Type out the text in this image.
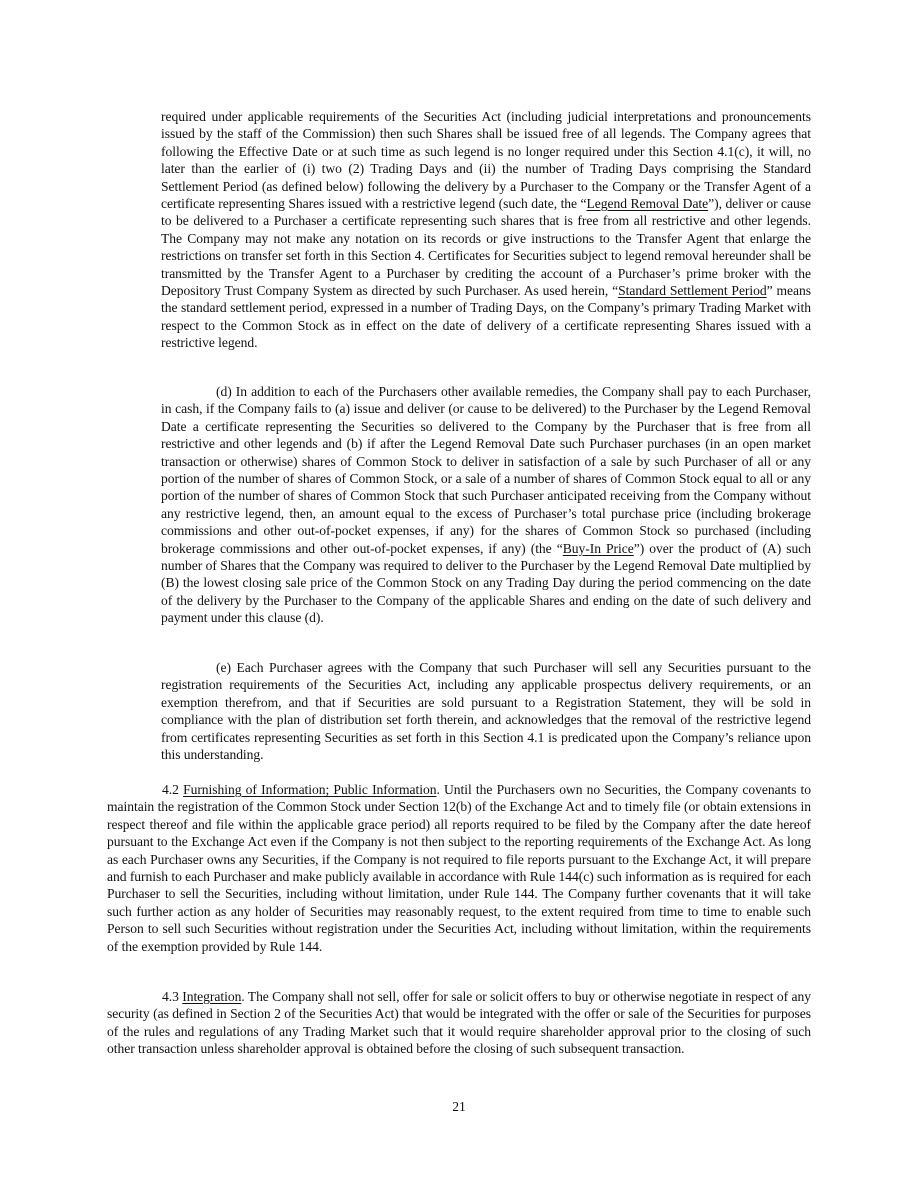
required under applicable requirements of the Securities Act (including judicial interpretations and pronouncements issued by the staff of the Commission) then such Shares shall be issued free of all legends. The Company agrees that following the Effective Date or at such time as such legend is no longer required under this Section 4.1(c), it will, no later than the earlier of (i) two (2) Trading Days and (ii) the number of Trading Days comprising the Standard Settlement Period (as defined below) following the delivery by a Purchaser to the Company or the Transfer Agent of a certificate representing Shares issued with a restrictive legend (such date, the “Legend Removal Date”), deliver or cause to be delivered to a Purchaser a certificate representing such shares that is free from all restrictive and other legends. The Company may not make any notation on its records or give instructions to the Transfer Agent that enlarge the restrictions on transfer set forth in this Section 4. Certificates for Securities subject to legend removal hereunder shall be transmitted by the Transfer Agent to a Purchaser by crediting the account of a Purchaser’s prime broker with the Depository Trust Company System as directed by such Purchaser. As used herein, “Standard Settlement Period” means the standard settlement period, expressed in a number of Trading Days, on the Company’s primary Trading Market with respect to the Common Stock as in effect on the date of delivery of a certificate representing Shares issued with a restrictive legend.

(d) In addition to each of the Purchasers other available remedies, the Company shall pay to each Purchaser, in cash, if the Company fails to (a) issue and deliver (or cause to be delivered) to the Purchaser by the Legend Removal Date a certificate representing the Securities so delivered to the Company by the Purchaser that is free from all restrictive and other legends and (b) if after the Legend Removal Date such Purchaser purchases (in an open market transaction or otherwise) shares of Common Stock to deliver in satisfaction of a sale by such Purchaser of all or any portion of the number of shares of Common Stock, or a sale of a number of shares of Common Stock equal to all or any portion of the number of shares of Common Stock that such Purchaser anticipated receiving from the Company without any restrictive legend, then, an amount equal to the excess of Purchaser’s total purchase price (including brokerage commissions and other out-of-pocket expenses, if any) for the shares of Common Stock so purchased (including brokerage commissions and other out-of-pocket expenses, if any) (the “Buy-In Price”) over the product of (A) such number of Shares that the Company was required to deliver to the Purchaser by the Legend Removal Date multiplied by (B) the lowest closing sale price of the Common Stock on any Trading Day during the period commencing on the date of the delivery by the Purchaser to the Company of the applicable Shares and ending on the date of such delivery and payment under this clause (d).

(e) Each Purchaser agrees with the Company that such Purchaser will sell any Securities pursuant to the registration requirements of the Securities Act, including any applicable prospectus delivery requirements, or an exemption therefrom, and that if Securities are sold pursuant to a Registration Statement, they will be sold in compliance with the plan of distribution set forth therein, and acknowledges that the removal of the restrictive legend from certificates representing Securities as set forth in this Section 4.1 is predicated upon the Company’s reliance upon this understanding.

4.2 Furnishing of Information; Public Information. Until the Purchasers own no Securities, the Company covenants to maintain the registration of the Common Stock under Section 12(b) of the Exchange Act and to timely file (or obtain extensions in respect thereof and file within the applicable grace period) all reports required to be filed by the Company after the date hereof pursuant to the Exchange Act even if the Company is not then subject to the reporting requirements of the Exchange Act. As long as each Purchaser owns any Securities, if the Company is not required to file reports pursuant to the Exchange Act, it will prepare and furnish to each Purchaser and make publicly available in accordance with Rule 144(c) such information as is required for each Purchaser to sell the Securities, including without limitation, under Rule 144. The Company further covenants that it will take such further action as any holder of Securities may reasonably request, to the extent required from time to time to enable such Person to sell such Securities without registration under the Securities Act, including without limitation, within the requirements of the exemption provided by Rule 144.

4.3 Integration. The Company shall not sell, offer for sale or solicit offers to buy or otherwise negotiate in respect of any security (as defined in Section 2 of the Securities Act) that would be integrated with the offer or sale of the Securities for purposes of the rules and regulations of any Trading Market such that it would require shareholder approval prior to the closing of such other transaction unless shareholder approval is obtained before the closing of such subsequent transaction.

21
